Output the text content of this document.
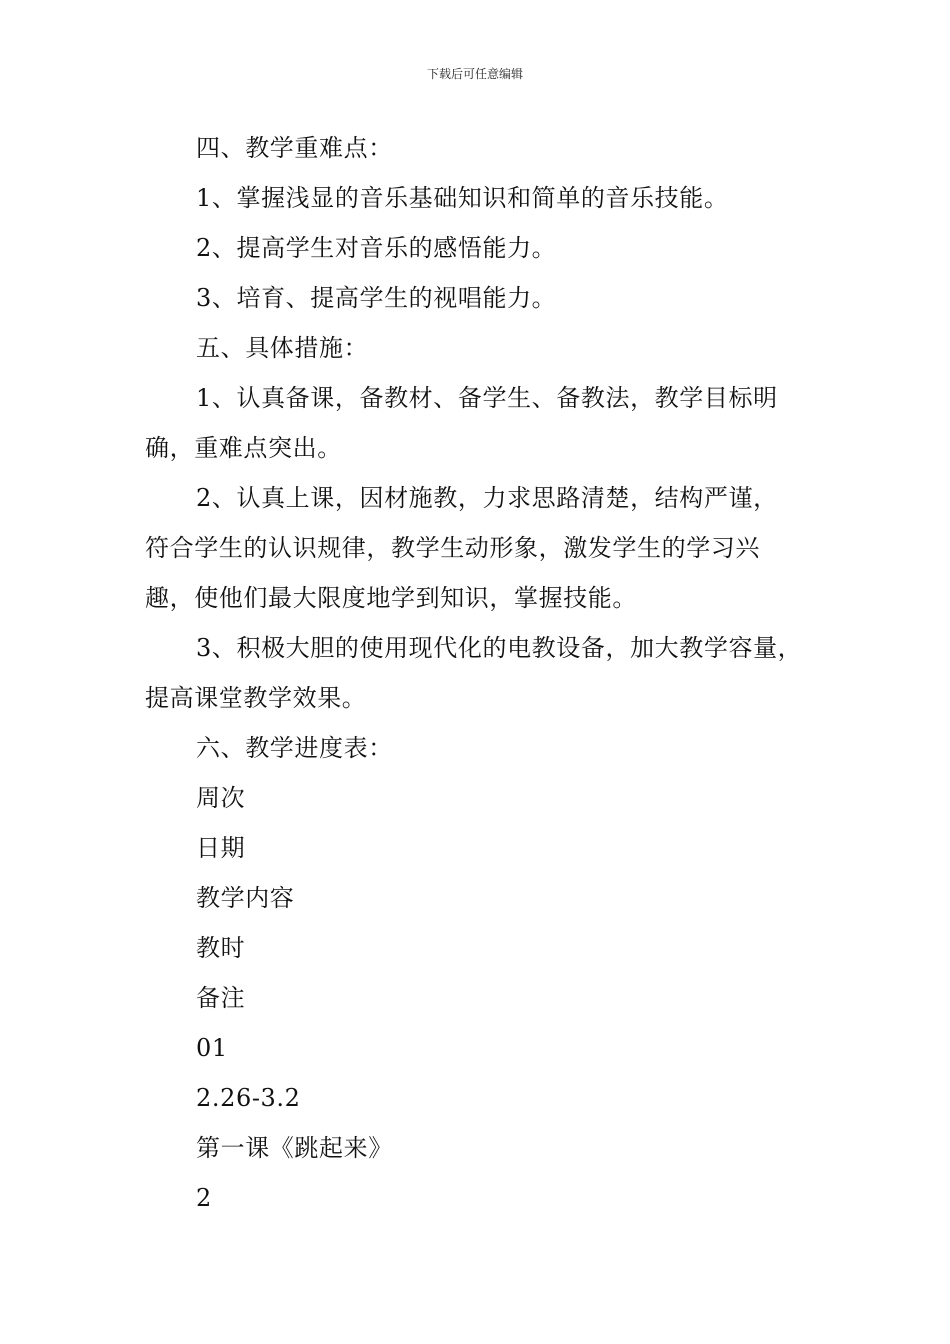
下载后可任意编辑
四、教学重难点：
1、掌握浅显的音乐基础知识和简单的音乐技能。
2、提高学生对音乐的感悟能力。
3、培育、提高学生的视唱能力。
五、具体措施：
1、认真备课，备教材、备学生、备教法，教学目标明
确，重难点突出。
2、认真上课，因材施教，力求思路清楚，结构严谨，
符合学生的认识规律，教学生动形象，激发学生的学习兴
趣，使他们最大限度地学到知识，掌握技能。
3、积极大胆的使用现代化的电教设备，加大教学容量，
提高课堂教学效果。
六、教学进度表：
周次
日期
教学内容
教时
备注
01
2.26-3.2
第一课《跳起来》
2
